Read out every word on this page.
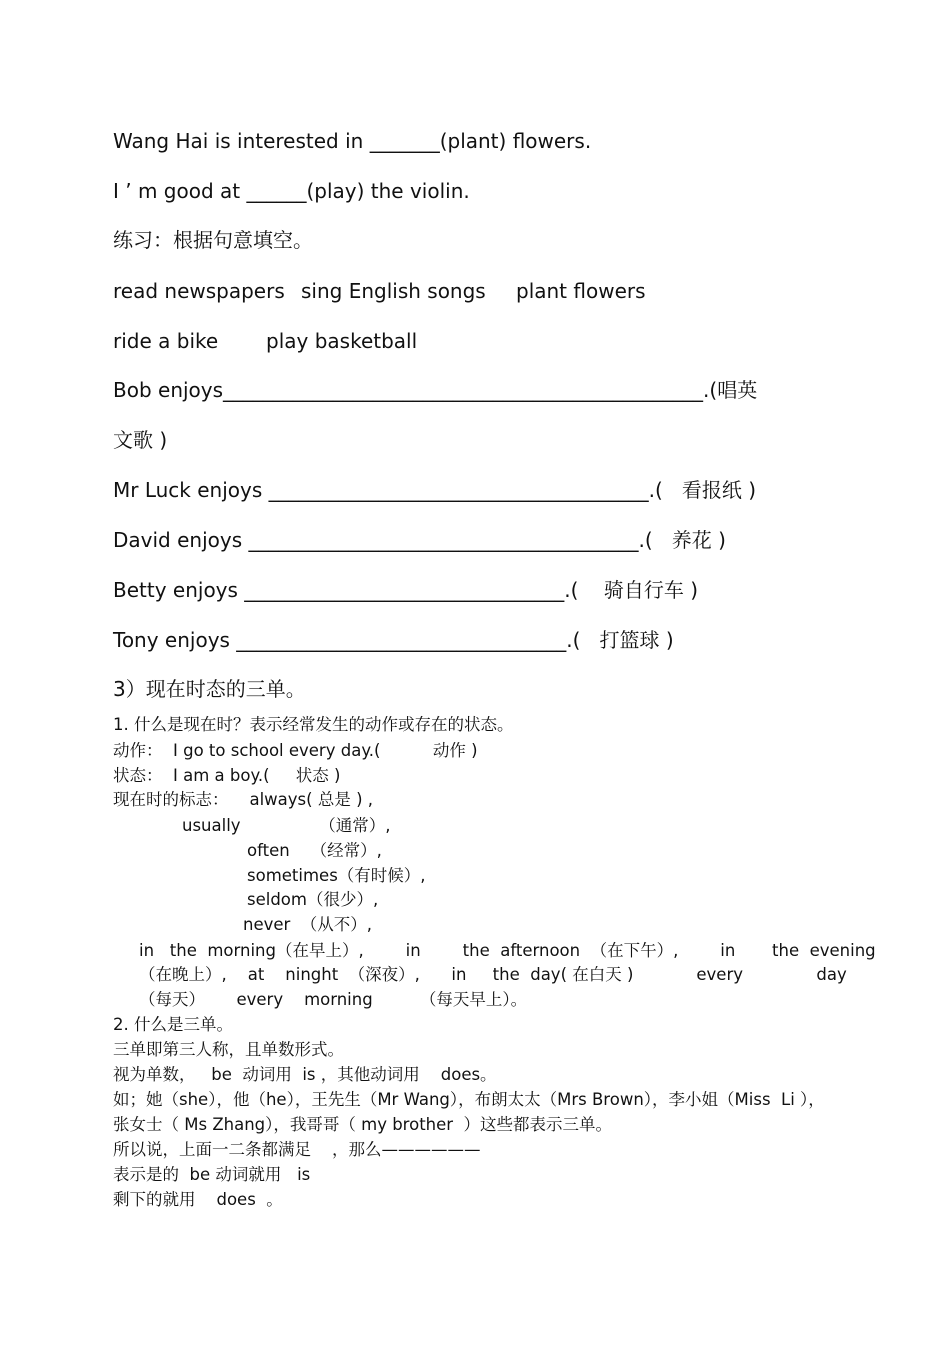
Wang Hai is interested in _______(plant) flowers.
I ’ m good at ______(play) the violin.
练习：根据句意填空。
read newspapers sing English songs plant flowers
ride a bike play basketball
Bob enjoys________________________________________________.(唱英
文歌 )
Mr Luck enjoys ______________________________________.(   看报纸 )
David enjoys _______________________________________.(   养花 )
Betty enjoys ________________________________.(    骑自行车 )
Tony enjoys _________________________________.(   打篮球 )
3）现在时态的三单。
1. 什么是现在时？表示经常发生的动作或存在的状态。
动作：  I go to school every day.(          动作 )
状态：  I am a boy.(     状态 )
现在时的标志：    always( 总是 ) ,
usually               （通常）,
often    （经常）,
sometimes（有时候）,
seldom（很少）,
never  （从不）,
in   the  morning（在早上）,        in        the  afternoon  （在下午）,        in       the  evening
（在晚上）,    at    ninght  （深夜）,      in     the  day( 在白天 )            every              day
（每天）      every    morning         （每天早上）。
2. 什么是三单。
三单即第三人称，且单数形式。
视为单数，   be  动词用  is ，其他动词用    does。
如；她（she），他（he），王先生（Mr Wang），布朗太太（Mrs Brown），李小姐（Miss  Li ），
张女士（ Ms Zhang），我哥哥（ my brother  ）这些都表示三单。
所以说，上面一二条都满足    ，那么——————
表示是的  be 动词就用   is
剩下的就用    does  。
